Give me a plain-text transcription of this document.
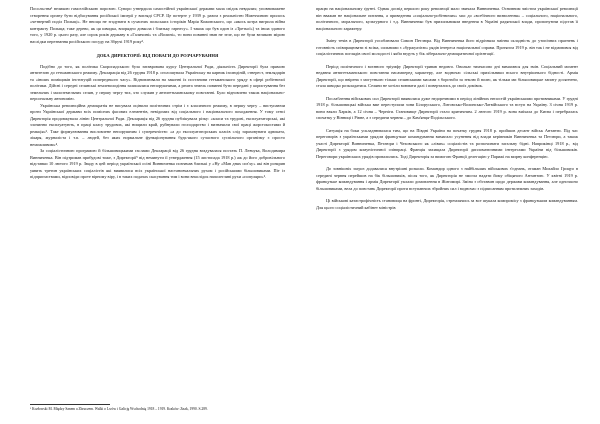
Посольства¹ великою гамселійською порозою. Суворо утвердила самостійної української держави мала свідок невдалих; уповноважене створення органу бути відбасування російської імперії у вигляді СРСР. Це потерте у 1939 р. разом з реальністю Німеччиною прилось «четвертий поділ Польщі». Не вноща не згадувати в сучасних польських історіків Марія Кожовського, що «якось котра вигрила війна контракту Польща; таке дерево, як ця швидка, впорядно довкола і близьку гарнесу». І також що був один із «Третьої») та інша зданого того, у 1920 р. цього разу, але сорок років державу в «Галичині» та «Волині», то вони повинні знав не зеле, що не були великою мірою наслідки перезнання російського посуду на Збручі 1919 року².

ДОБА ДИРЕКТОРІЇ: ВІД ПОВАГИ ДО РОЗЧАРУВАННЯ

Подібно до того, як політика Скоропадського була затаврована курсу Центральної Ради, діяльність Директорії була прямою антитезою до гетьманського режиму. Декларація від 26 грудня 1918 р. оголошувала Українську на карник ізолюдіній, стверест, землядарів та «інших поміщиків інституцій попереднього часу». Відновлювали на законні їх постанови гетьманського уряду в сфері робітничої політики. Дійсні і середні селянські землеволодіння залишалися непорушними, а решта земель повинні бути передані у користування без земельних і малоземельних селян, у першу чергу тих, хто служив у антигетьманському повстанні. Було відновлено також національно-персональну автономію.

Українська революційна демократія не висувала оцінили політичних стрім і є класичного режиму, в першу чергу – виступаючи проти Української держави всіх помісних фасових елементів, невідомих від соціального і національного походження. У тому сенсі Директорія продовжувала лінію Центральної Ради. Декларація від 26 грудня публікувала різку: «класи та трудові, експлуататорські, які злочинно експлуатують, в праці класу трудових, які нищили край, руйнували господарство і визначили свої праці жорстокостями й реакція»³. Таке формулювання висловлене непорушним і суперечністю: «а до експлуататорських класів слід зараховувати адвоката, лікаря, журналіста і т.п. – людей, без яких нормальне функціонування будь-якого сучасного суспільного організму є просто неможливим»⁴.

За соціалістичною програмою й більшовицькими гаслами Декларації від 26 грудня вгадувалася постать П. Левчука, Володимира Винниченка. Він підтримав прибудові тоже, з Директорії⁵ від неминути її утвердження (15 листопада 1918 р.) аж до його добровільного відставки 10 лютого 1919 р. Зваду в цей період української осінї Винниченка позначав близькі у «Ну «Мав днях сиз'ху» які він розкрив уявить третин українських соціалістів які виявилися всіх української настановчальних рухом і російськими більшовиками. Піт із підприємствами, відповіди проте вірному віру, і в таких подачах скасування тим і вони внаслідок наполегливі рухи «популяри»⁶.

працю на національному ґрунті. Однак досвід першого року революції мало звичала Винниченка. Основним змістом української революції він вважав не національне питання, а приведення «соціально-робітничих» мас до «всебічного визволення» – соціального, національного, політичного, морального, культурного і т.д. Винниченко був прихильником введення в Україні радянської влади, пропонуючи підстав її національного характеру.

Зміну течів в Директорії уособлювали Симон Петлюра. Від Винниченка його відрізняла змінна складність до утопічних прагнень і готовність співпрацювати зі всіма, сильними з «буржуазією» рядів інтереса національної справи. Протягом 1919 р. він так і не відмовився від соціалістичних поглядів своєї молодості і якби ведуть у бік ліберально-демократичної орієнтації.

Період політичного і воєнного тріумфу Директорії тривав недовго. Оволкає тимчасово дні вимагався для змін. Соціальний момент недавня антигетьманського повстання насамперед характеру, але водночас сільські прихільники всього внутрішнього бідності. Армія Директорії, що ввірена з могутньою тільки селянськими масами з боротьби за землю й волю, як тільки ми більшовицьке запиту досягнено, стала швидко розкладатися. Селяни не хотіли воювати далі і повертались до своїх домівок.

Послаблення військових сил Директорії виявилися дуже недоречними в період лінійних непостій українськими противниками. У грудні 1918 р. більшовицькі війська вже переступили зони Білоруського, Литовсько-Волинсько-Латвійського та вступ на Україну. З січня 1919 р. вони взяли Харків, а 12 січня – Черніги. Становище Директорії стало критичним. 2 лютого 1919 р. вона виїхала до Києва і перебралась спочатку у Вінниці і Рівне, а з середини червня – до Кам'янця-Подільського.

Ситуація на боки ускладнювалася тим, що на Півдні України на початку грудня 1918 р. пройшов десант військ Антанти. Під час переговорів з українськими урядом французьке командування вимагало усунення від влади керівників Винниченка та Петлюри, а також участі Директорії Винниченка, Петлюри і Чеховського як «лівих» соціалістів та розпочинати загальну бідні. Наприкінці 1918 р., від Директорії з урядом комуністичної співпраці. Франція захищала Директорії дипломатичними інтересами України від більшовиків. Переговори українських урядів провалились. Тоді Директорія за вимогою Франції делегацію у Парижі на мирну конференцію.

До зовнішніх загроз додавалися внутрішні розколи. Командир одного з найбільших військових з'єднань, отаман Михайло Грицуо в середині червня перейшов на бік більшовиків, після того, як Директорія не змогла надати йому обіцяного Антантою. У квітні 1919 р. французьке командування і армія Директорії уклали домовлення в Житомирі. Зміна з обставин щодо держави командування, але одночасно більшовиками, вела до повстань Директорії проти вступаючих збройних сил і водночас з підписанням протилежних заходів.

Ці військові катастрофічність становища на фронті, Директорія, стремлячись за все шукала компромісу з французьким командуванням. Для цього соціалістичний кабінет міністрів

¹ Kozłowski M. Między Sanem a Zbruczem. Walki o Lwów i Galicję Wschodnią 1918 – 1919. Kraków: Znak, 1990. S.289.
